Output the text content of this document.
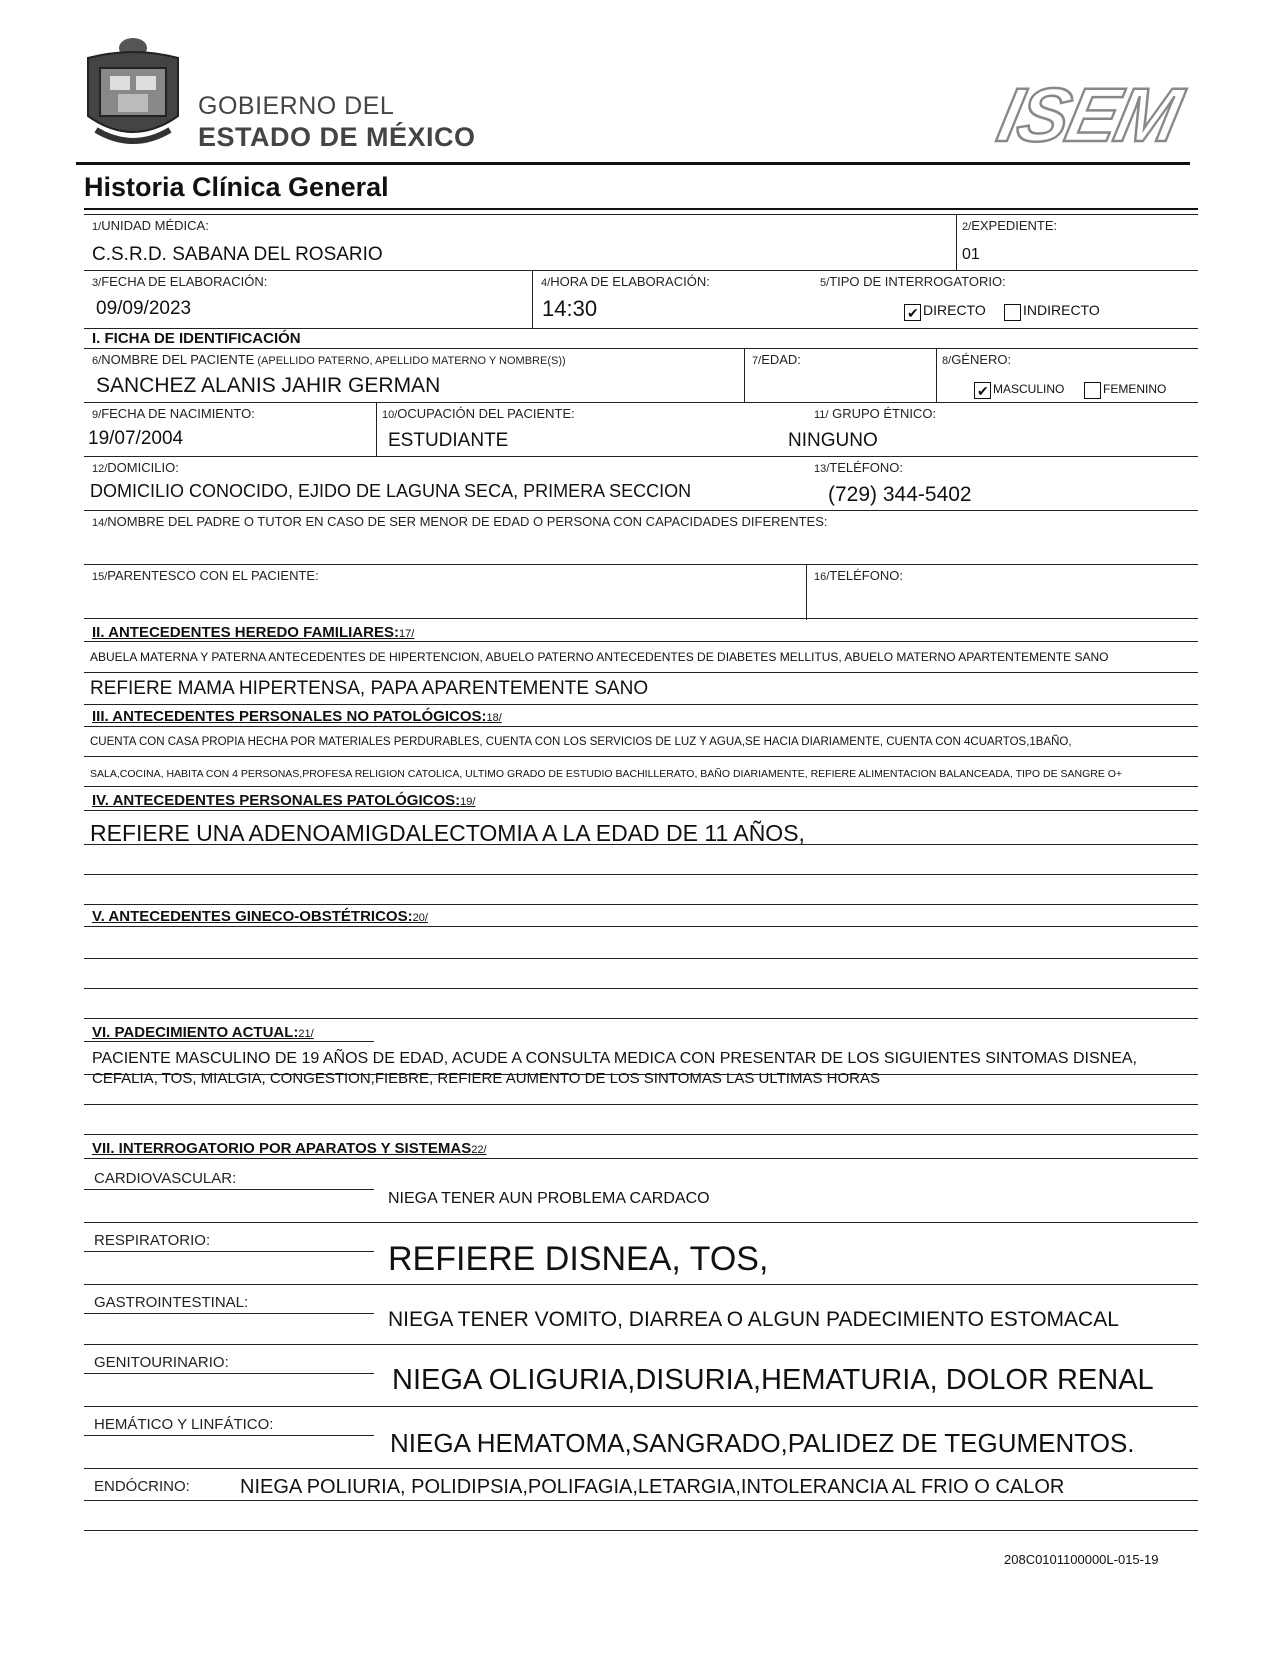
GOBIERNO DEL
ESTADO DE MÉXICO	ISEM
Historia Clínica General
1/UNIDAD MÉDICA:
C.S.R.D. SABANA DEL ROSARIO
2/EXPEDIENTE:
01
3/FECHA DE ELABORACIÓN:
09/09/2023
4/HORA DE ELABORACIÓN:
14:30
5/TIPO DE INTERROGATORIO:
✔ DIRECTO	INDIRECTO
I. FICHA DE IDENTIFICACIÓN
6/NOMBRE DEL PACIENTE (APELLIDO PATERNO, APELLIDO MATERNO Y NOMBRE(S))
SANCHEZ ALANIS JAHIR GERMAN
7/EDAD:	8/GÉNERO:
✔ MASCULINO	FEMENINO
9/FECHA DE NACIMIENTO:
19/07/2004
10/OCUPACIÓN DEL PACIENTE:
ESTUDIANTE
11/ GRUPO ÉTNICO:
NINGUNO
12/DOMICILIO:
DOMICILIO CONOCIDO, EJIDO DE LAGUNA SECA, PRIMERA SECCION
13/TELÉFONO:
(729) 344-5402
14/NOMBRE DEL PADRE O TUTOR EN CASO DE SER MENOR DE EDAD O PERSONA CON CAPACIDADES DIFERENTES:
15/PARENTESCO CON EL PACIENTE:	16/TELÉFONO:
II. ANTECEDENTES HEREDO FAMILIARES:17/
ABUELA MATERNA Y PATERNA ANTECEDENTES DE HIPERTENCION, ABUELO PATERNO ANTECEDENTES DE DIABETES MELLITUS, ABUELO MATERNO APARTENTEMENTE SANO
REFIERE MAMA HIPERTENSA, PAPA APARENTEMENTE SANO
III. ANTECEDENTES PERSONALES NO PATOLÓGICOS:18/
CUENTA CON CASA PROPIA HECHA POR MATERIALES PERDURABLES, CUENTA CON LOS SERVICIOS DE LUZ Y AGUA,SE HACIA DIARIAMENTE, CUENTA CON 4CUARTOS,1BAÑO,
SALA,COCINA, HABITA CON 4 PERSONAS,PROFESA RELIGION CATOLICA, ULTIMO GRADO DE ESTUDIO BACHILLERATO, BAÑO DIARIAMENTE, REFIERE ALIMENTACION BALANCEADA, TIPO DE SANGRE O+
IV. ANTECEDENTES PERSONALES PATOLÓGICOS:19/
REFIERE UNA ADENOAMIGDALECTOMIA A LA EDAD DE 11 AÑOS,
V. ANTECEDENTES GINECO-OBSTÉTRICOS:20/
VI. PADECIMIENTO ACTUAL:21/
PACIENTE MASCULINO DE 19 AÑOS DE EDAD, ACUDE A CONSULTA MEDICA CON PRESENTAR DE LOS SIGUIENTES SINTOMAS DISNEA,
CEFALIA, TOS, MIALGIA, CONGESTION,FIEBRE, REFIERE AUMENTO DE LOS SINTOMAS LAS ULTIMAS HORAS
VII. INTERROGATORIO POR APARATOS Y SISTEMAS22/
CARDIOVASCULAR:
NIEGA TENER AUN PROBLEMA CARDACO
RESPIRATORIO:	REFIERE DISNEA, TOS,
GASTROINTESTINAL:
NIEGA TENER VOMITO, DIARREA O ALGUN PADECIMIENTO ESTOMACAL
GENITOURINARIO:
NIEGA OLIGURIA,DISURIA,HEMATURIA, DOLOR RENAL
HEMÁTICO Y LINFÁTICO:
NIEGA HEMATOMA,SANGRADO,PALIDEZ DE TEGUMENTOS.
ENDÓCRINO:	NIEGA POLIURIA, POLIDIPSIA,POLIFAGIA,LETARGIA,INTOLERANCIA AL FRIO O CALOR
208C0101100000L-015-19
